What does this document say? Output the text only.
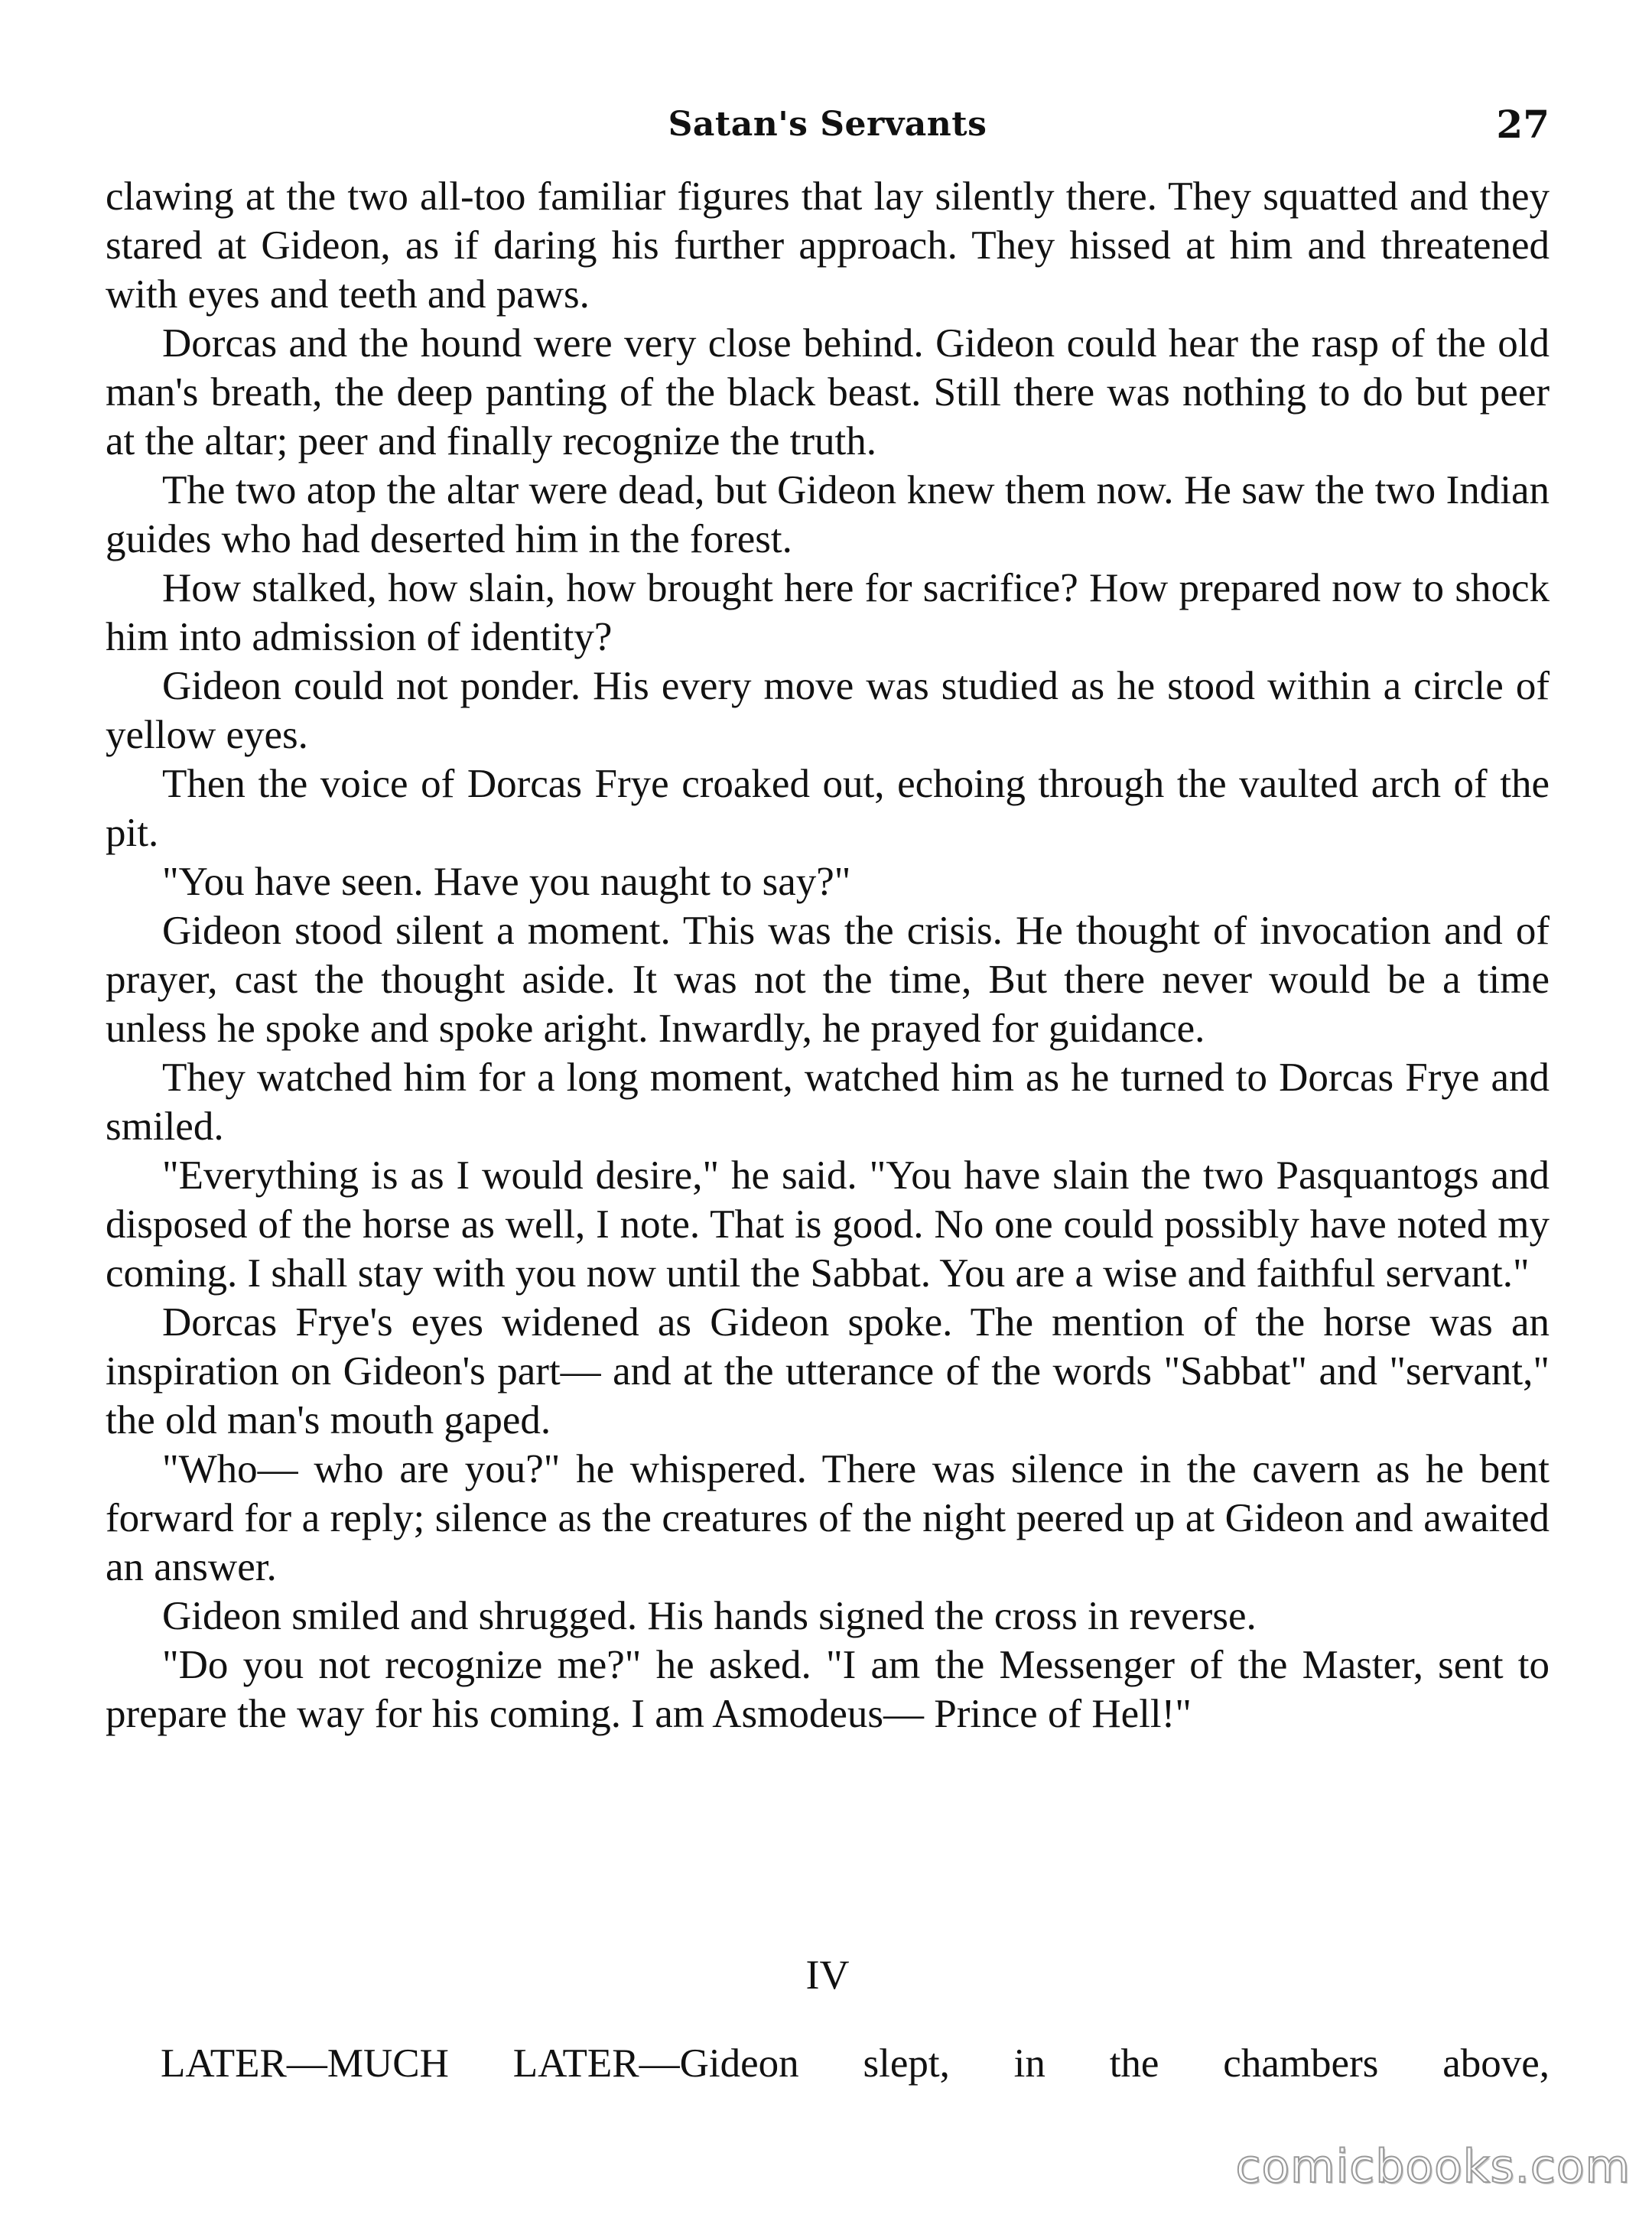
Satan's Servants	27

clawing at the two all-too familiar figures that lay silently there. They squatted and they stared at Gideon, as if daring his further approach. They hissed at him and threatened with eyes and teeth and paws.

Dorcas and the hound were very close behind. Gideon could hear the rasp of the old man's breath, the deep panting of the black beast. Still there was nothing to do but peer at the altar; peer and finally recognize the truth.

The two atop the altar were dead, but Gideon knew them now. He saw the two Indian guides who had deserted him in the forest.

How stalked, how slain, how brought here for sacrifice? How prepared now to shock him into admission of identity?

Gideon could not ponder. His every move was studied as he stood within a circle of yellow eyes.

Then the voice of Dorcas Frye croaked out, echoing through the vaulted arch of the pit.

"You have seen. Have you naught to say?"

Gideon stood silent a moment. This was the crisis. He thought of invocation and of prayer, cast the thought aside. It was not the time, But there never would be a time unless he spoke and spoke aright. Inwardly, he prayed for guidance.

They watched him for a long moment, watched him as he turned to Dorcas Frye and smiled.

"Everything is as I would desire," he said. "You have slain the two Pasquantogs and disposed of the horse as well, I note. That is good. No one could possibly have noted my coming. I shall stay with you now until the Sabbat. You are a wise and faithful servant."

Dorcas Frye's eyes widened as Gideon spoke. The mention of the horse was an inspiration on Gideon's part— and at the utterance of the words "Sabbat" and "servant," the old man's mouth gaped.

"Who— who are you?" he whispered. There was silence in the cavern as he bent forward for a reply; silence as the creatures of the night peered up at Gideon and awaited an answer.

Gideon smiled and shrugged. His hands signed the cross in reverse.

"Do you not recognize me?" he asked. "I am the Messenger of the Master, sent to prepare the way for his coming. I am Asmodeus— Prince of Hell!"

IV
LATER—MUCH LATER—Gideon slept, in the chambers above,
comicbooks.com
